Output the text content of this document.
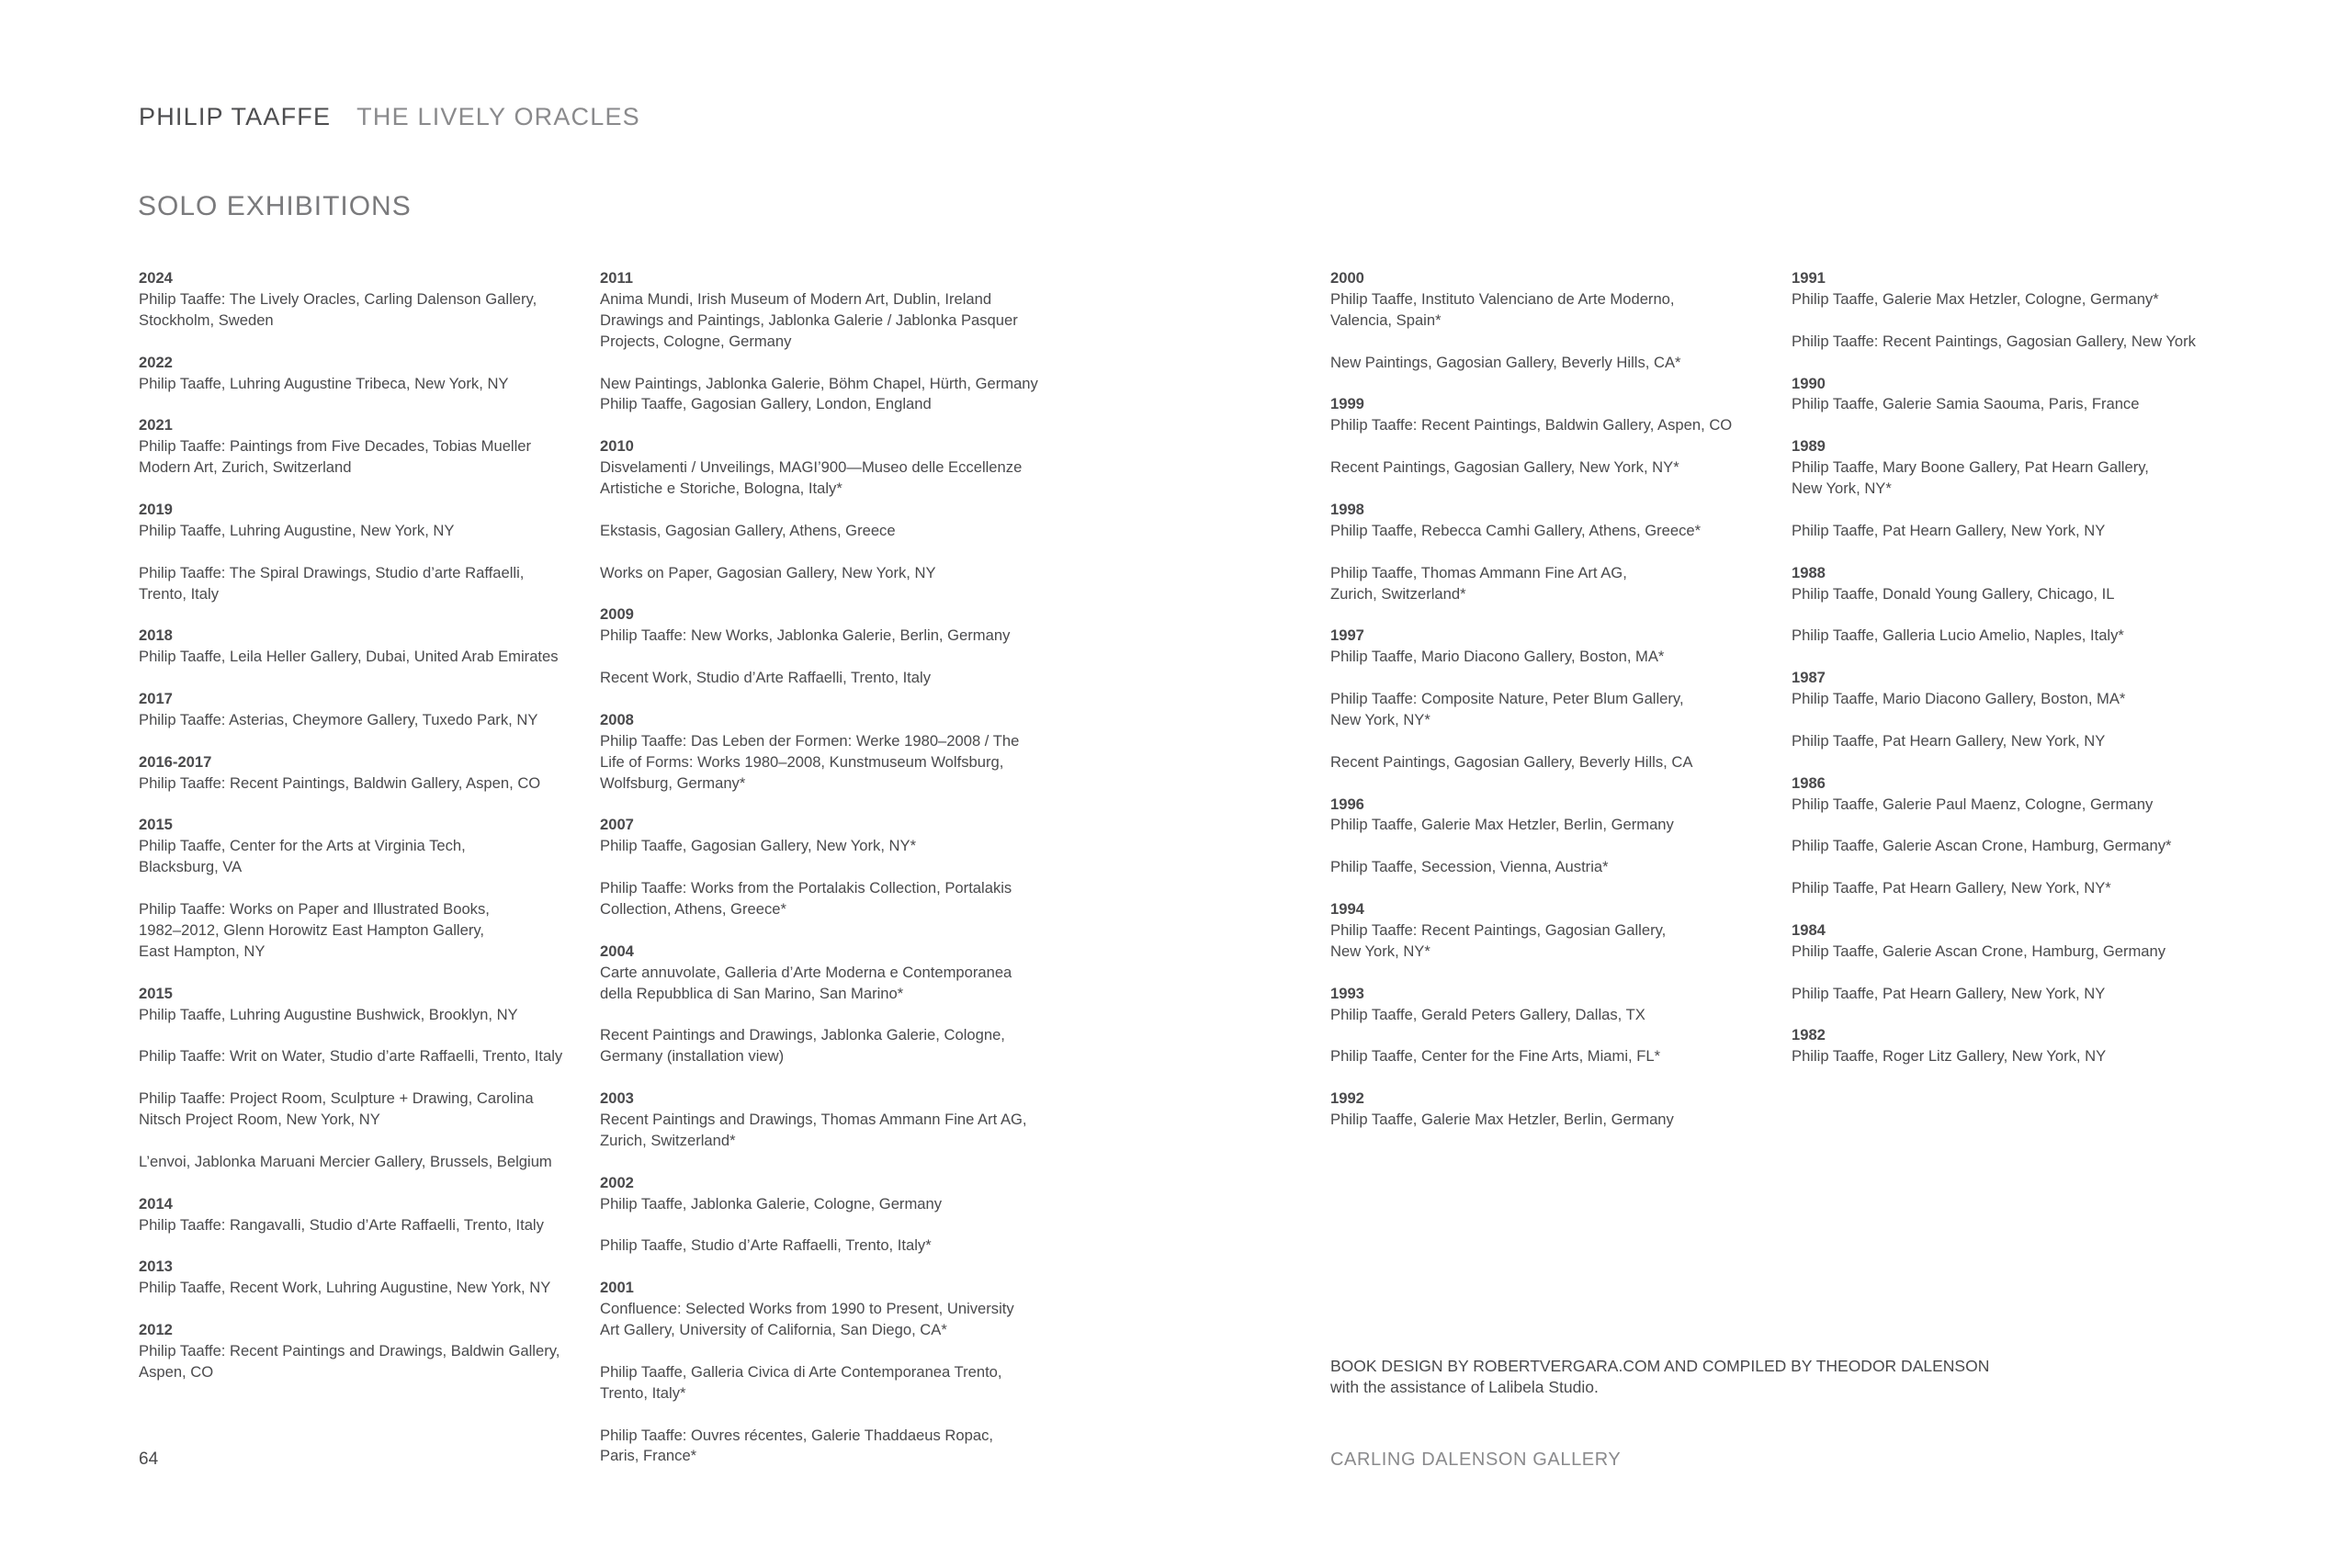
PHILIP TAAFFE THE LIVELY ORACLES
SOLO EXHIBITIONS
2024
Philip Taaffe: The Lively Oracles, Carling Dalenson Gallery,
Stockholm, Sweden
2022
Philip Taaffe, Luhring Augustine Tribeca, New York, NY
2021
Philip Taaffe: Paintings from Five Decades, Tobias Mueller
Modern Art, Zurich, Switzerland
2019
Philip Taaffe, Luhring Augustine, New York, NY
Philip Taaffe: The Spiral Drawings, Studio d’arte Raffaelli,
Trento, Italy
2018
Philip Taaffe, Leila Heller Gallery, Dubai, United Arab Emirates
2017
Philip Taaffe: Asterias, Cheymore Gallery, Tuxedo Park, NY
2016-2017
Philip Taaffe: Recent Paintings, Baldwin Gallery, Aspen, CO
2015
Philip Taaffe, Center for the Arts at Virginia Tech,
Blacksburg, VA
Philip Taaffe: Works on Paper and Illustrated Books,
1982–2012, Glenn Horowitz East Hampton Gallery,
East Hampton, NY
2015
Philip Taaffe, Luhring Augustine Bushwick, Brooklyn, NY
Philip Taaffe: Writ on Water, Studio d’arte Raffaelli, Trento, Italy
Philip Taaffe: Project Room, Sculpture + Drawing, Carolina
Nitsch Project Room, New York, NY
L’envoi, Jablonka Maruani Mercier Gallery, Brussels, Belgium
2014
Philip Taaffe: Rangavalli, Studio d’Arte Raffaelli, Trento, Italy
2013
Philip Taaffe, Recent Work, Luhring Augustine, New York, NY
2012
Philip Taaffe: Recent Paintings and Drawings, Baldwin Gallery,
Aspen, CO
2011
Anima Mundi, Irish Museum of Modern Art, Dublin, Ireland
Drawings and Paintings, Jablonka Galerie / Jablonka Pasquer
Projects, Cologne, Germany
New Paintings, Jablonka Galerie, Böhm Chapel, Hürth, Germany
Philip Taaffe, Gagosian Gallery, London, England
2010
Disvelamenti / Unveilings, MAGI’900—Museo delle Eccellenze
Artistiche e Storiche, Bologna, Italy*
Ekstasis, Gagosian Gallery, Athens, Greece
Works on Paper, Gagosian Gallery, New York, NY
2009
Philip Taaffe: New Works, Jablonka Galerie, Berlin, Germany
Recent Work, Studio d’Arte Raffaelli, Trento, Italy
2008
Philip Taaffe: Das Leben der Formen: Werke 1980–2008 / The
Life of Forms: Works 1980–2008, Kunstmuseum Wolfsburg,
Wolfsburg, Germany*
2007
Philip Taaffe, Gagosian Gallery, New York, NY*
Philip Taaffe: Works from the Portalakis Collection, Portalakis
Collection, Athens, Greece*
2004
Carte annuvolate, Galleria d’Arte Moderna e Contemporanea
della Repubblica di San Marino, San Marino*
Recent Paintings and Drawings, Jablonka Galerie, Cologne,
Germany (installation view)
2003
Recent Paintings and Drawings, Thomas Ammann Fine Art AG,
Zurich, Switzerland*
2002
Philip Taaffe, Jablonka Galerie, Cologne, Germany
Philip Taaffe, Studio d’Arte Raffaelli, Trento, Italy*
2001
Confluence: Selected Works from 1990 to Present, University
Art Gallery, University of California, San Diego, CA*
Philip Taaffe, Galleria Civica di Arte Contemporanea Trento,
Trento, Italy*
Philip Taaffe: Ouvres récentes, Galerie Thaddaeus Ropac,
Paris, France*
2000
Philip Taaffe, Instituto Valenciano de Arte Moderno,
Valencia, Spain*
New Paintings, Gagosian Gallery, Beverly Hills, CA*
1999
Philip Taaffe: Recent Paintings, Baldwin Gallery, Aspen, CO
Recent Paintings, Gagosian Gallery, New York, NY*
1998
Philip Taaffe, Rebecca Camhi Gallery, Athens, Greece*
Philip Taaffe, Thomas Ammann Fine Art AG,
Zurich, Switzerland*
1997
Philip Taaffe, Mario Diacono Gallery, Boston, MA*
Philip Taaffe: Composite Nature, Peter Blum Gallery,
New York, NY*
Recent Paintings, Gagosian Gallery, Beverly Hills, CA
1996
Philip Taaffe, Galerie Max Hetzler, Berlin, Germany
Philip Taaffe, Secession, Vienna, Austria*
1994
Philip Taaffe: Recent Paintings, Gagosian Gallery,
New York, NY*
1993
Philip Taaffe, Gerald Peters Gallery, Dallas, TX
Philip Taaffe, Center for the Fine Arts, Miami, FL*
1992
Philip Taaffe, Galerie Max Hetzler, Berlin, Germany
1991
Philip Taaffe, Galerie Max Hetzler, Cologne, Germany*
Philip Taaffe: Recent Paintings, Gagosian Gallery, New York
1990
Philip Taaffe, Galerie Samia Saouma, Paris, France
1989
Philip Taaffe, Mary Boone Gallery, Pat Hearn Gallery,
New York, NY*
Philip Taaffe, Pat Hearn Gallery, New York, NY
1988
Philip Taaffe, Donald Young Gallery, Chicago, IL
Philip Taaffe, Galleria Lucio Amelio, Naples, Italy*
1987
Philip Taaffe, Mario Diacono Gallery, Boston, MA*
Philip Taaffe, Pat Hearn Gallery, New York, NY
1986
Philip Taaffe, Galerie Paul Maenz, Cologne, Germany
Philip Taaffe, Galerie Ascan Crone, Hamburg, Germany*
Philip Taaffe, Pat Hearn Gallery, New York, NY*
1984
Philip Taaffe, Galerie Ascan Crone, Hamburg, Germany
Philip Taaffe, Pat Hearn Gallery, New York, NY
1982
Philip Taaffe, Roger Litz Gallery, New York, NY
64
BOOK DESIGN BY ROBERTVERGARA.COM AND COMPILED BY THEODOR DALENSON
with the assistance of Lalibela Studio.
CARLING DALENSON GALLERY
